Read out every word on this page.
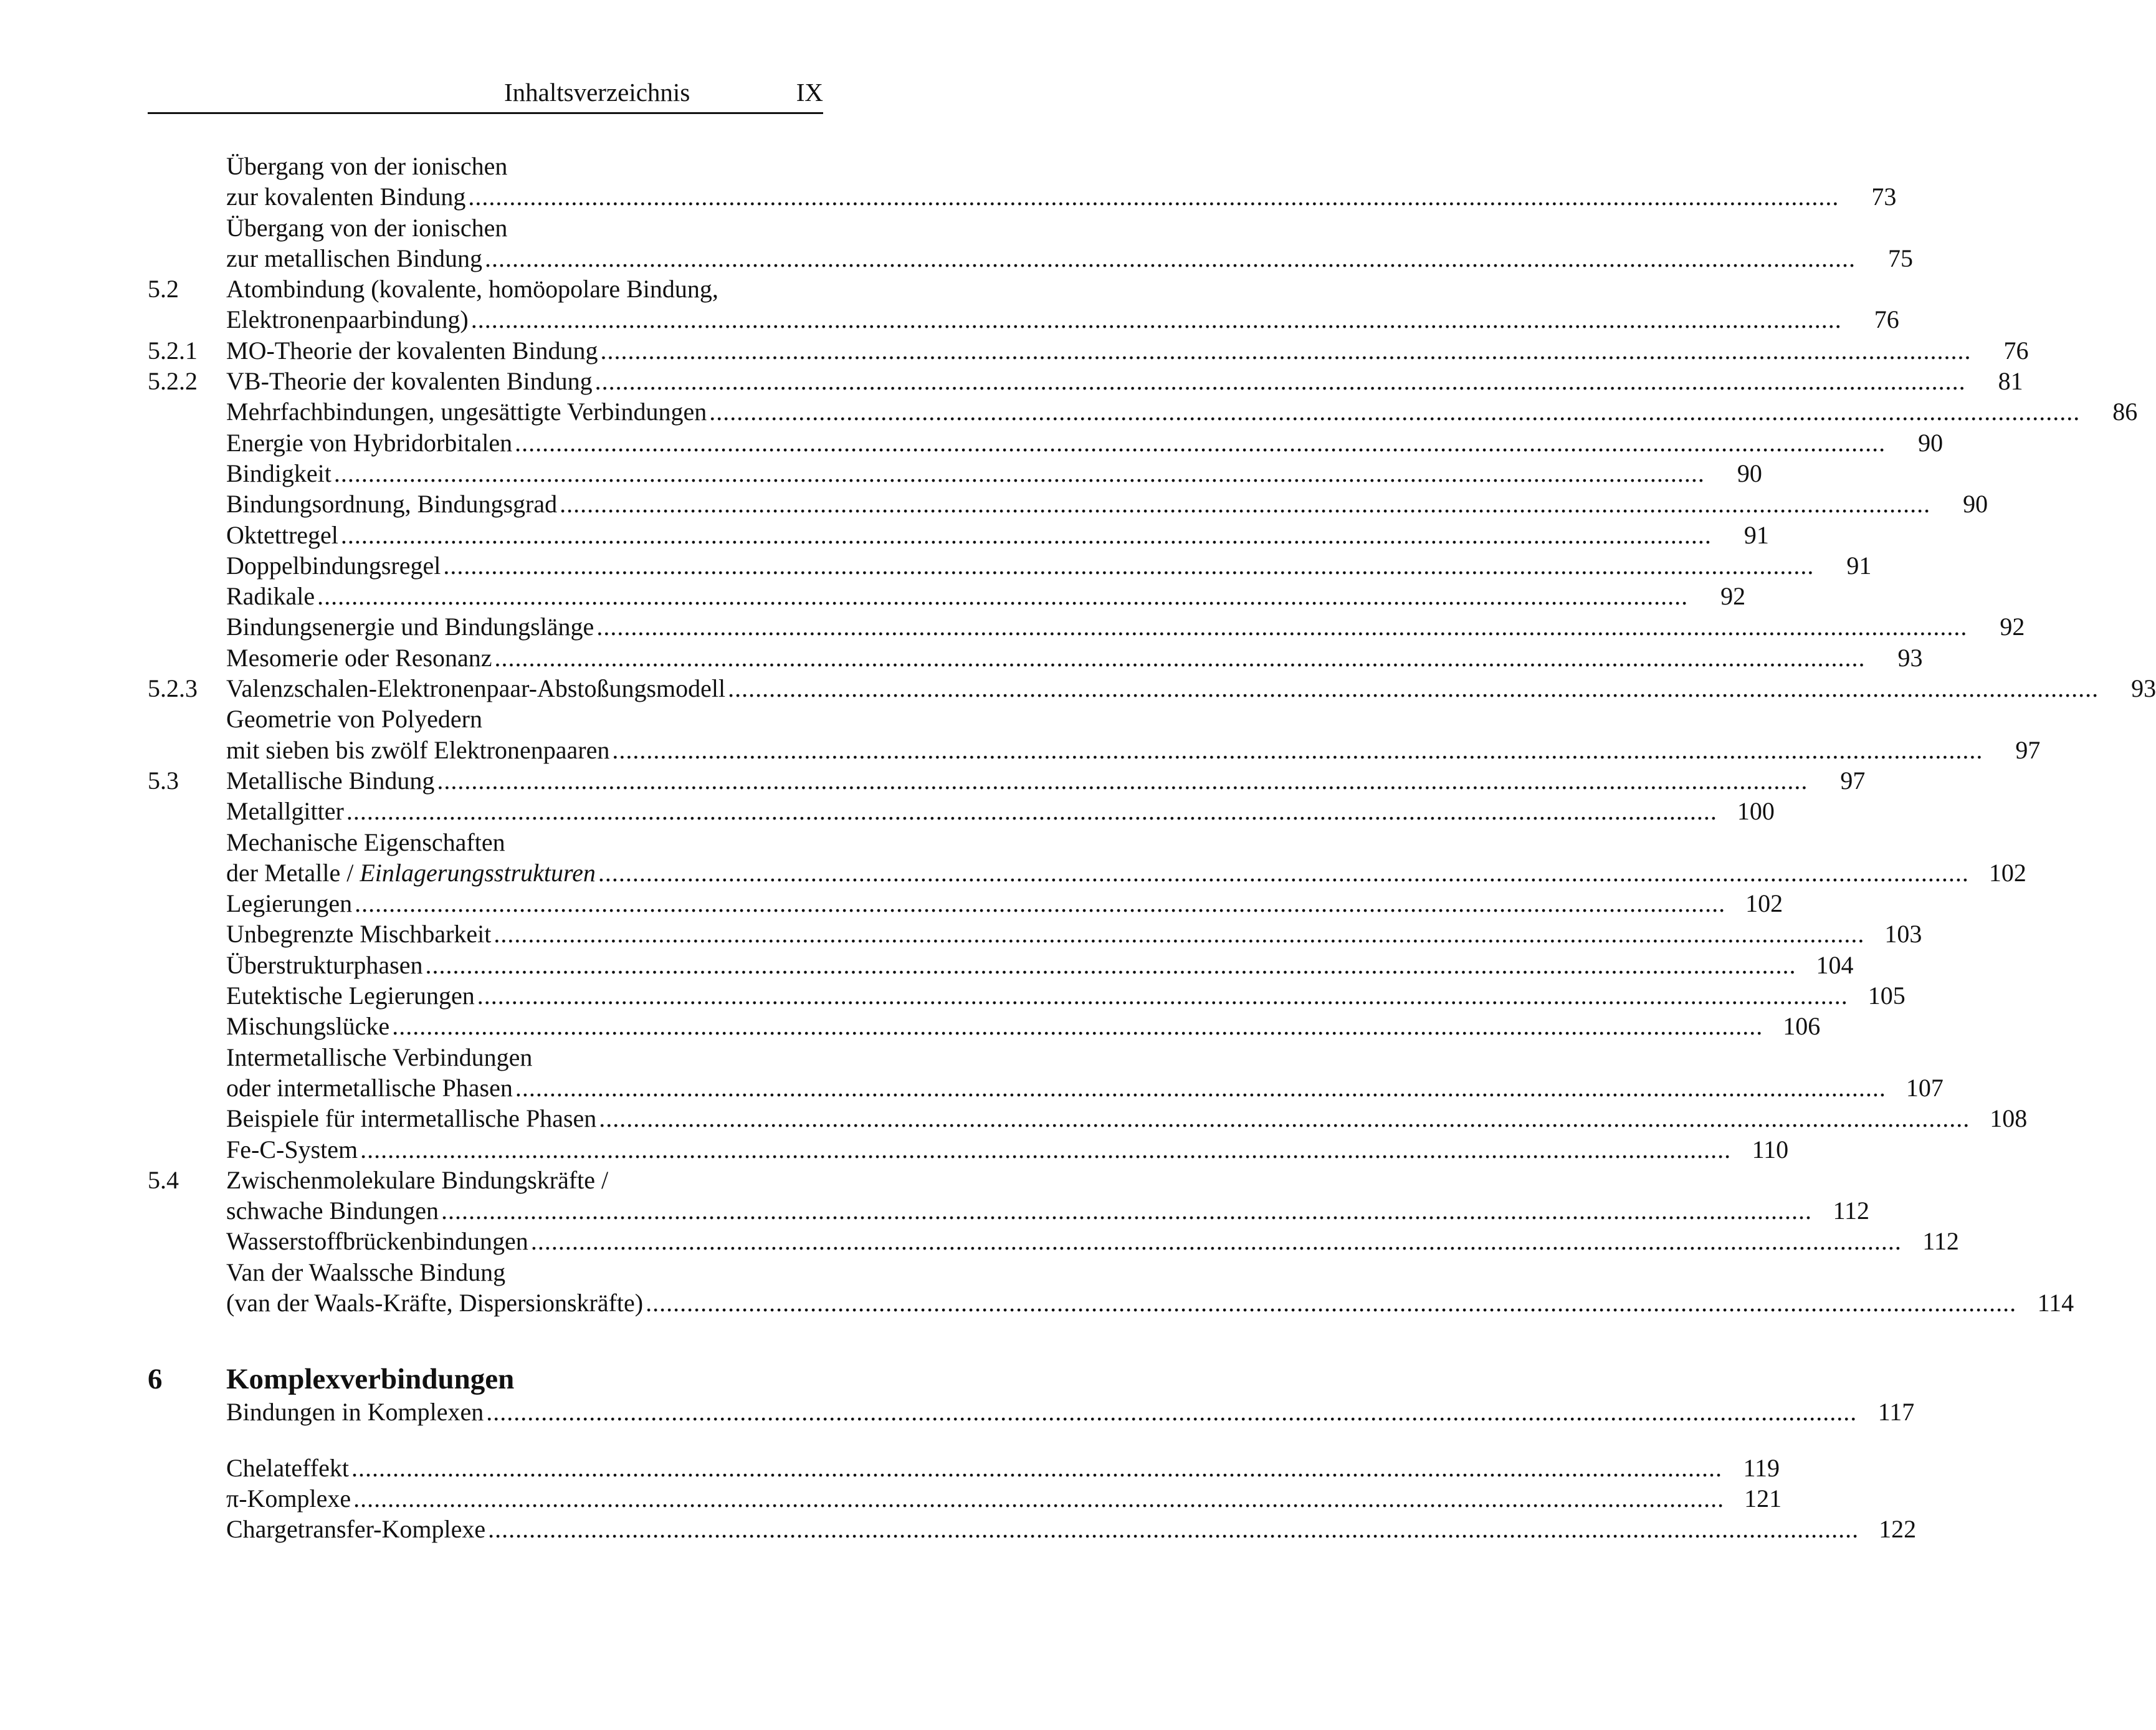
Inhaltsverzeichnis	IX
Übergang von der ionischen
zur kovalenten Bindung ........................................................................................................................................................................................................	73
Übergang von der ionischen
zur metallischen Bindung ........................................................................................................................................................................................................	75
5.2 Atombindung (kovalente, homöopolare Bindung,
Elektronenpaarbindung) ........................................................................................................................................................................................................	76
5.2.1 MO-Theorie der kovalenten Bindung ........................................................................................................................................................................................................	76
5.2.2 VB-Theorie der kovalenten Bindung ........................................................................................................................................................................................................	81
Mehrfachbindungen, ungesättigte Verbindungen ........................................................................................................................................................................................................	86
Energie von Hybridorbitalen ........................................................................................................................................................................................................	90
Bindigkeit ........................................................................................................................................................................................................	90
Bindungsordnung, Bindungsgrad ........................................................................................................................................................................................................	90
Oktettregel ........................................................................................................................................................................................................	91
Doppelbindungsregel ........................................................................................................................................................................................................	91
Radikale ........................................................................................................................................................................................................	92
Bindungsenergie und Bindungslänge ........................................................................................................................................................................................................	92
Mesomerie oder Resonanz ........................................................................................................................................................................................................	93
5.2.3 Valenzschalen-Elektronenpaar-Abstoßungsmodell ........................................................................................................................................................................................................	93
Geometrie von Polyedern
mit sieben bis zwölf Elektronenpaaren ........................................................................................................................................................................................................	97
5.3 Metallische Bindung ........................................................................................................................................................................................................	97
Metallgitter ........................................................................................................................................................................................................ 100
Mechanische Eigenschaften
der Metalle / Einlagerungsstrukturen ........................................................................................................................................................................................................ 102
Legierungen ........................................................................................................................................................................................................ 102
Unbegrenzte Mischbarkeit ........................................................................................................................................................................................................ 103
Überstrukturphasen ........................................................................................................................................................................................................ 104
Eutektische Legierungen ........................................................................................................................................................................................................ 105
Mischungslücke ........................................................................................................................................................................................................ 106
Intermetallische Verbindungen
oder intermetallische Phasen ........................................................................................................................................................................................................ 107
Beispiele für intermetallische Phasen ........................................................................................................................................................................................................ 108
Fe-C-System ........................................................................................................................................................................................................ 110
5.4 Zwischenmolekulare Bindungskräfte /
schwache Bindungen ........................................................................................................................................................................................................ 112
Wasserstoffbrückenbindungen ........................................................................................................................................................................................................ 112
Van der Waalssche Bindung
(van der Waals-Kräfte, Dispersionskräfte) ........................................................................................................................................................................................................ 114
6 Komplexverbindungen
Bindungen in Komplexen ........................................................................................................................................................................................................ 117
Chelateffekt ........................................................................................................................................................................................................ 119
π-Komplexe ........................................................................................................................................................................................................ 121
Chargetransfer-Komplexe ........................................................................................................................................................................................................ 122
